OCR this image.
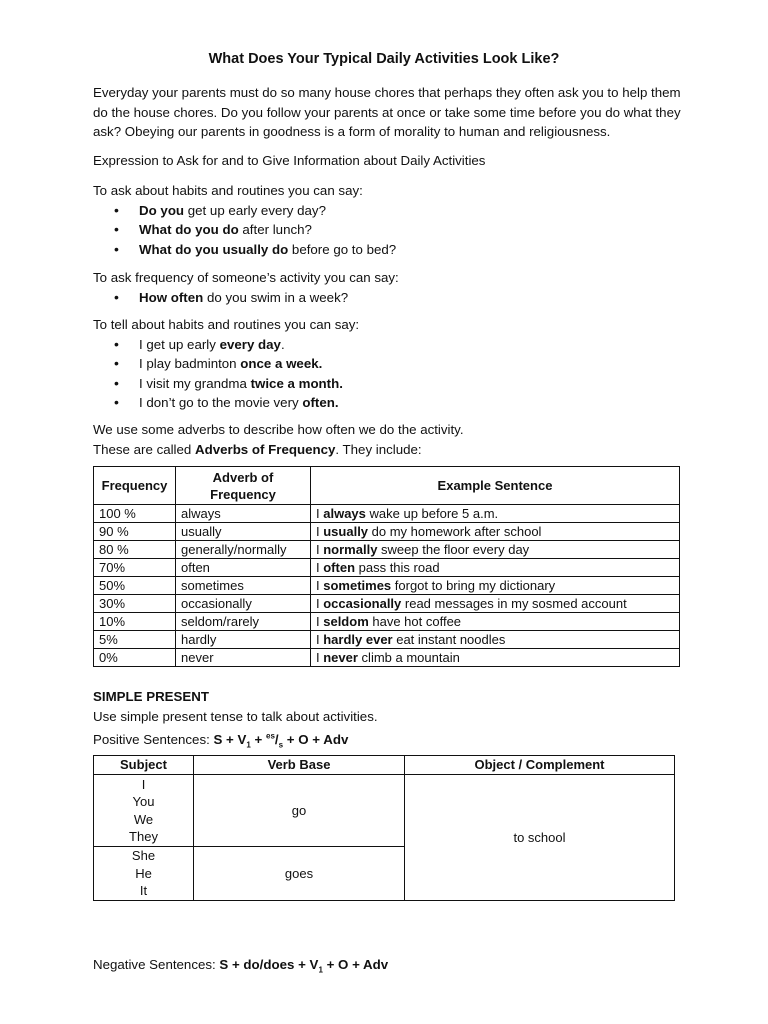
What Does Your Typical Daily Activities Look Like?

Everyday your parents must do so many house chores that perhaps they often ask you to help them do the house chores. Do you follow your parents at once or take some time before you do what they ask? Obeying our parents in goodness is a form of morality to human and religiousness.

Expression to Ask for and to Give Information about Daily Activities

To ask about habits and routines you can say:

• Do you get up early every day?
• What do you do after lunch?
• What do you usually do before go to bed?

To ask frequency of someone’s activity you can say:

• How often do you swim in a week?

To tell about habits and routines you can say:

• I get up early every day.
• I play badminton once a week.
• I visit my grandma twice a month.
• I don’t go to the movie very often.

We use some adverbs to describe how often we do the activity.

These are called Adverbs of Frequency. They include:

Frequency	Adverb of Frequency	Example Sentence
100 %	always	I always wake up before 5 a.m.
90 %	usually	I usually do my homework after school
80 %	generally/normally	I normally sweep the floor every day
70%	often	I often pass this road
50%	sometimes	I sometimes forgot to bring my dictionary
30%	occasionally	I occasionally read messages in my sosmed account
10%	seldom/rarely	I seldom have hot coffee
5%	hardly	I hardly ever eat instant noodles
0%	never	I never climb a mountain

SIMPLE PRESENT

Use simple present tense to talk about activities.

Positive Sentences: $S + V_1 + ^{es}/_s + O$ + Adv

Subject	Verb Base	Object / Complement

I
You
We
They	go	to school

She
He
It	goes	

Negative Sentences: S + do/does + $V_1 + O$ + Adv
